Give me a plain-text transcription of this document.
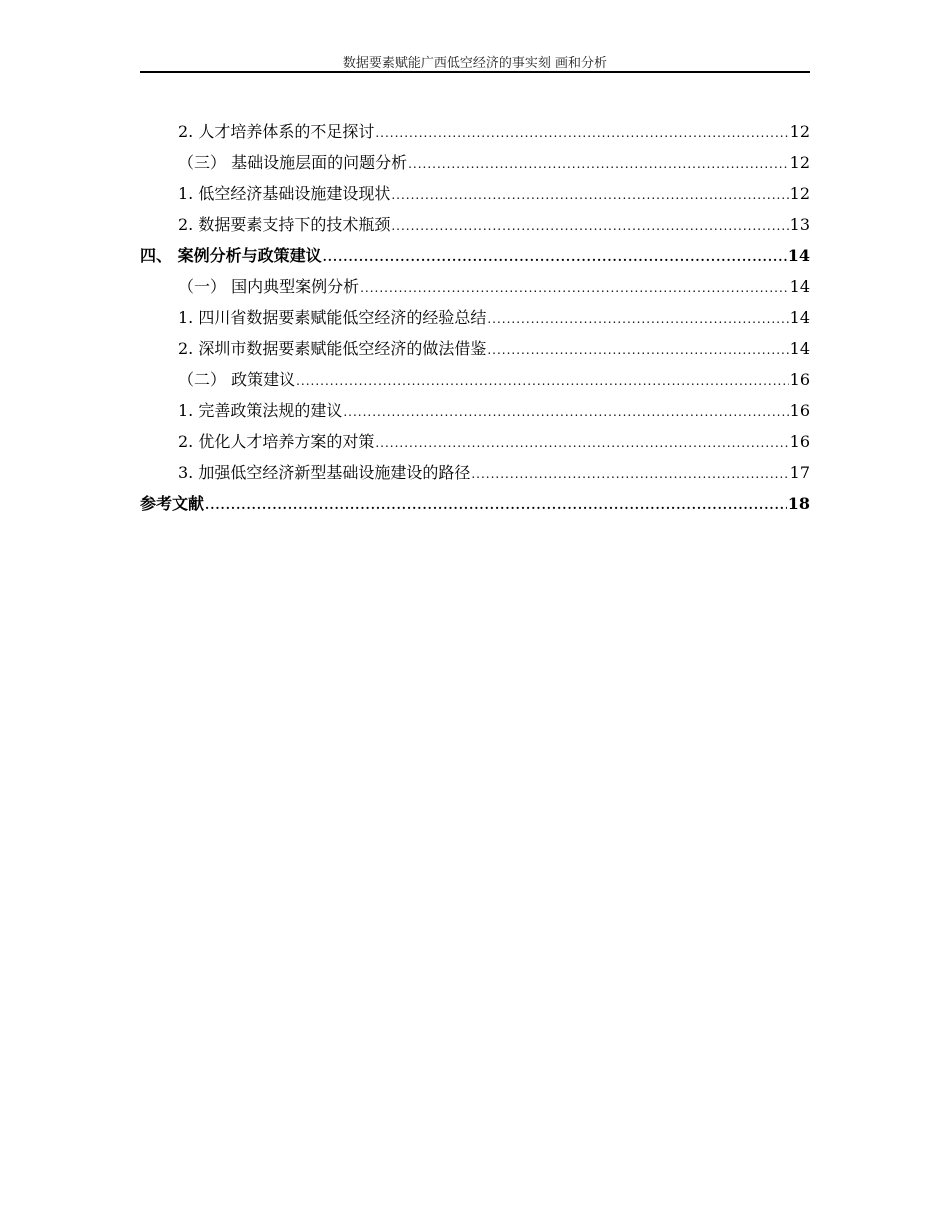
数据要素赋能广西低空经济的事实刻 画和分析
2. 人才培养体系的不足探讨 .....	12
（三） 基础设施层面的问题分析 .....	12
1. 低空经济基础设施建设现状 .....	12
2. 数据要素支持下的技术瓶颈 .....	13
四、 案例分析与政策建议 .....	14
（一） 国内典型案例分析 .....	14
1. 四川省数据要素赋能低空经济的经验总结 .....	14
2. 深圳市数据要素赋能低空经济的做法借鉴 .....	14
（二） 政策建议 .....	16
1. 完善政策法规的建议 .....	16
2. 优化人才培养方案的对策 .....	16
3. 加强低空经济新型基础设施建设的路径 .....	17
参考文献 .....	18
